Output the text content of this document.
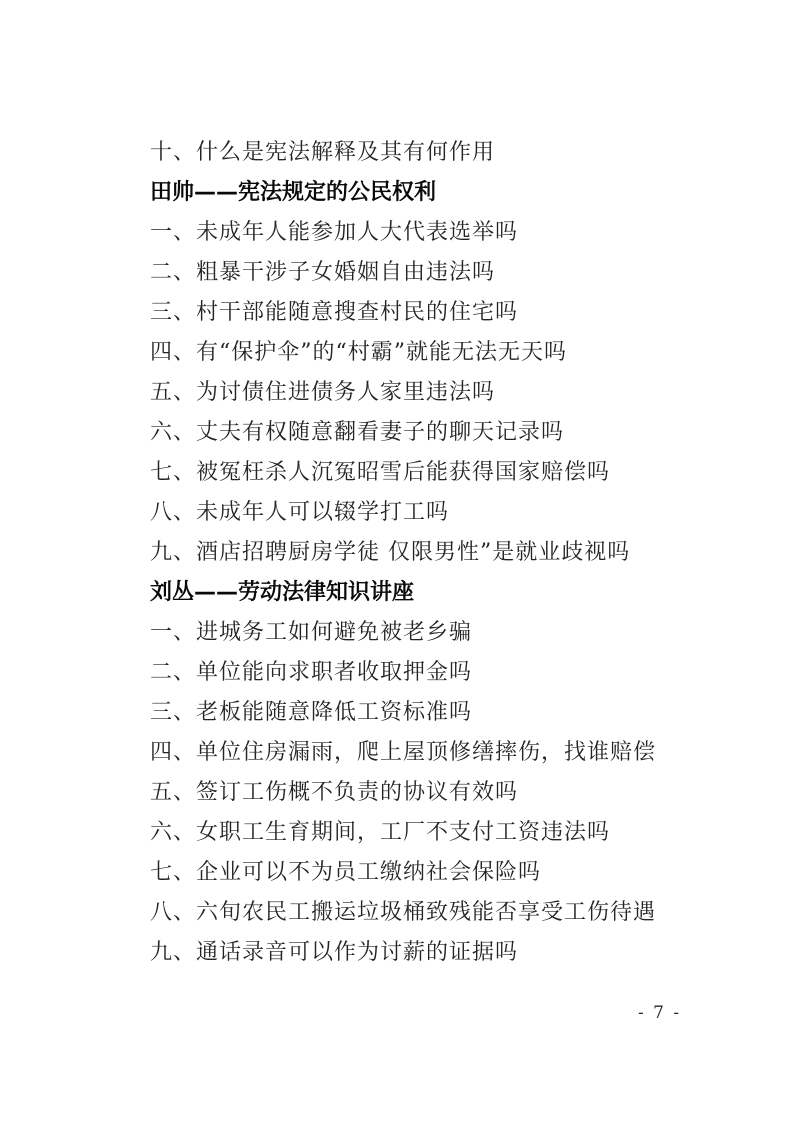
十、什么是宪法解释及其有何作用
田帅——宪法规定的公民权利
一、未成年人能参加人大代表选举吗
二、粗暴干涉子女婚姻自由违法吗
三、村干部能随意搜查村民的住宅吗
四、有“保护伞”的“村霸”就能无法无天吗
五、为讨债住进债务人家里违法吗
六、丈夫有权随意翻看妻子的聊天记录吗
七、被冤枉杀人沉冤昭雪后能获得国家赔偿吗
八、未成年人可以辍学打工吗
九、酒店招聘厨房学徒 仅限男性”是就业歧视吗
刘丛——劳动法律知识讲座
一、进城务工如何避免被老乡骗
二、单位能向求职者收取押金吗
三、老板能随意降低工资标准吗
四、单位住房漏雨，爬上屋顶修缮摔伤，找谁赔偿
五、签订工伤概不负责的协议有效吗
六、女职工生育期间，工厂不支付工资违法吗
七、企业可以不为员工缴纳社会保险吗
八、六旬农民工搬运垃圾桶致残能否享受工伤待遇
九、通话录音可以作为讨薪的证据吗
- 7 -
